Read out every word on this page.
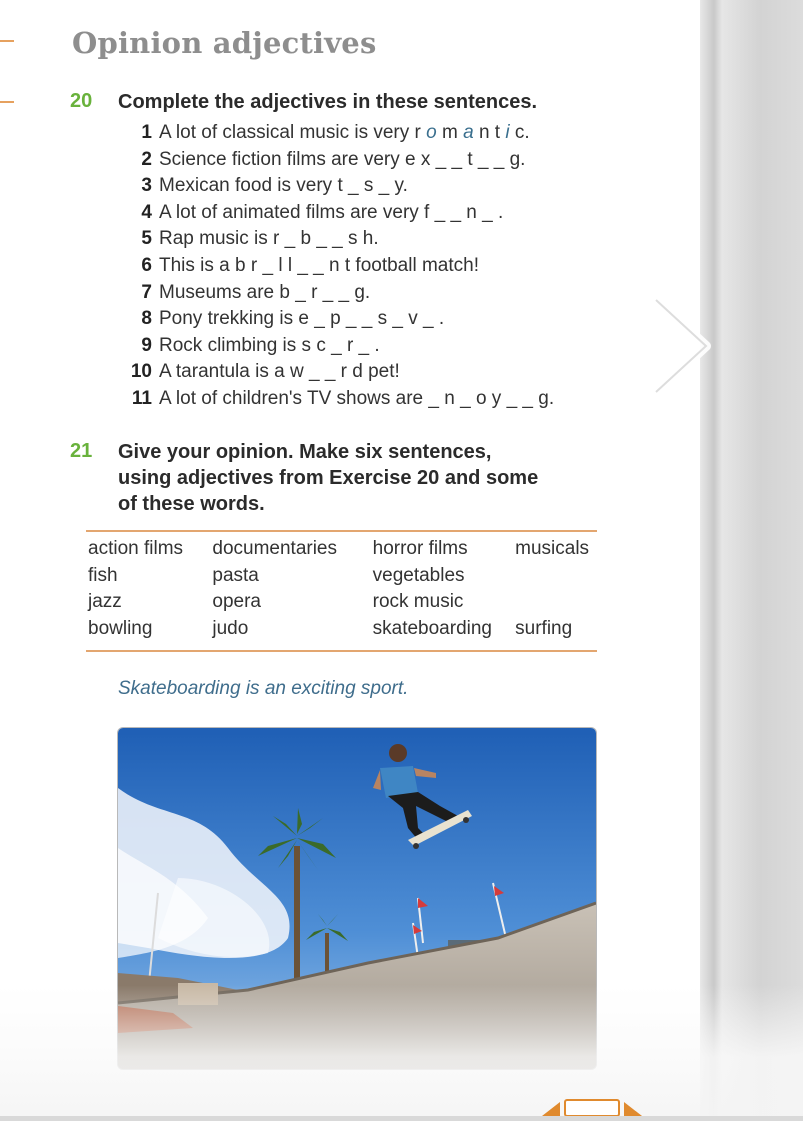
Opinion adjectives
20 Complete the adjectives in these sentences.

1 A lot of classical music is very r o m a n t i c.
2 Science fiction films are very e x _ _ t _ _ g.
3 Mexican food is very t _ s _ y.
4 A lot of animated films are very f _ _ n _ .
5 Rap music is r _ b _ _ s h.
6 This is a b r _ l l _ _ n t football match!
7 Museums are b _ r _ _ g.
8 Pony trekking is e _ p _ _ s _ v _ .
9 Rock climbing is s c _ r _ .
10 A tarantula is a w _ _ r d pet!
11 A lot of children's TV shows are _ n _ o y _ _ g.
21 Give your opinion. Make six sentences,
using adjectives from Exercise 20 and some
of these words.

action films	documentaries	horror films	musicals
fish	pasta	vegetables	
jazz	opera	rock music	
bowling	judo	skateboarding	surfing

Skateboarding is an exciting sport.
